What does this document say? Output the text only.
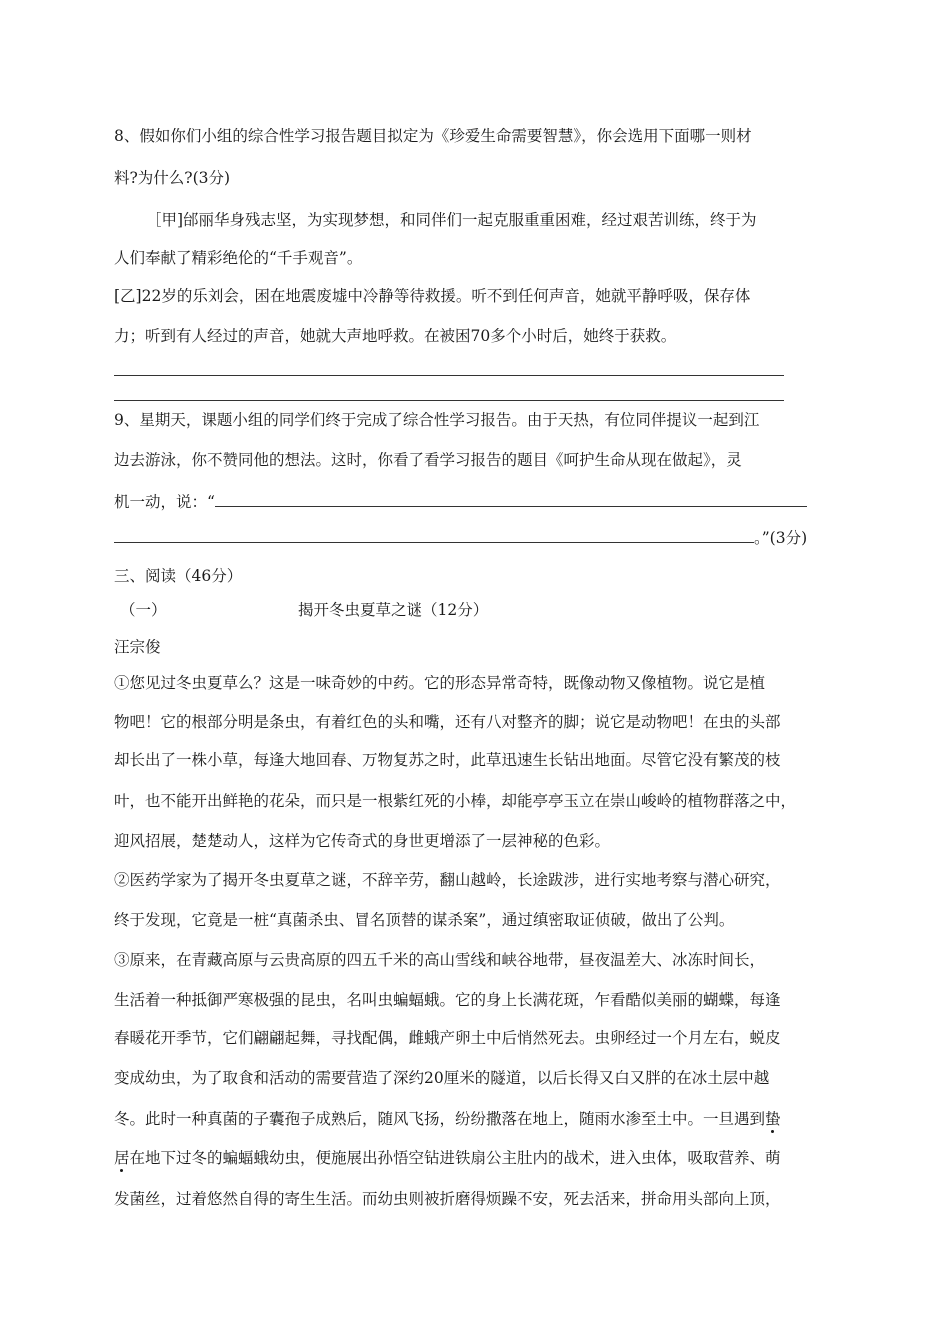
8、假如你们小组的综合性学习报告题目拟定为《珍爱生命需要智慧》，你会选用下面哪一则材

料?为什么?(3分)

［甲]邰丽华身残志坚，为实现梦想，和同伴们一起克服重重困难，经过艰苦训练，终于为

人们奉献了精彩绝伦的“千手观音”。

[乙]22岁的乐刘会，困在地震废墟中冷静等待救援。听不到任何声音，她就平静呼吸，保存体

力；听到有人经过的声音，她就大声地呼救。在被困70多个小时后，她终于获救。

9、星期天，课题小组的同学们终于完成了综合性学习报告。由于天热，有位同伴提议一起到江

边去游泳，你不赞同他的想法。这时，你看了看学习报告的题目《呵护生命从现在做起》，灵

机一动，说：“

。”(3分)

三、阅读（46分）

（一）	揭开冬虫夏草之谜（12分）

汪宗俊

①您见过冬虫夏草么？这是一味奇妙的中药。它的形态异常奇特，既像动物又像植物。说它是植

物吧！它的根部分明是条虫，有着红色的头和嘴，还有八对整齐的脚；说它是动物吧！在虫的头部

却长出了一株小草，每逢大地回春、万物复苏之时，此草迅速生长钻出地面。尽管它没有繁茂的枝

叶，也不能开出鲜艳的花朵，而只是一根紫红死的小棒，却能亭亭玉立在崇山峻岭的植物群落之中，

迎风招展，楚楚动人，这样为它传奇式的身世更增添了一层神秘的色彩。

②医药学家为了揭开冬虫夏草之谜，不辞辛劳，翻山越岭，长途跋涉，进行实地考察与潜心研究，

终于发现，它竟是一桩“真菌杀虫、冒名顶替的谋杀案”，通过缜密取证侦破，做出了公判。

③原来，在青藏高原与云贵高原的四五千米的高山雪线和峡谷地带，昼夜温差大、冰冻时间长，

生活着一种抵御严寒极强的昆虫，名叫虫蝙蝠蛾。它的身上长满花斑，乍看酷似美丽的蝴蝶，每逢

春暖花开季节，它们翩翩起舞，寻找配偶，雌蛾产卵土中后悄然死去。虫卵经过一个月左右，蜕皮

变成幼虫，为了取食和活动的需要营造了深约20厘米的隧道，以后长得又白又胖的在冰土层中越

冬。此时一种真菌的子囊孢子成熟后，随风飞扬，纷纷撒落在地上，随雨水渗至土中。一旦遇到蛰

居在地下过冬的蝙蝠蛾幼虫，便施展出孙悟空钻进铁扇公主肚内的战术，进入虫体，吸取营养、萌

发菌丝，过着悠然自得的寄生生活。而幼虫则被折磨得烦躁不安，死去活来，拼命用头部向上顶，
